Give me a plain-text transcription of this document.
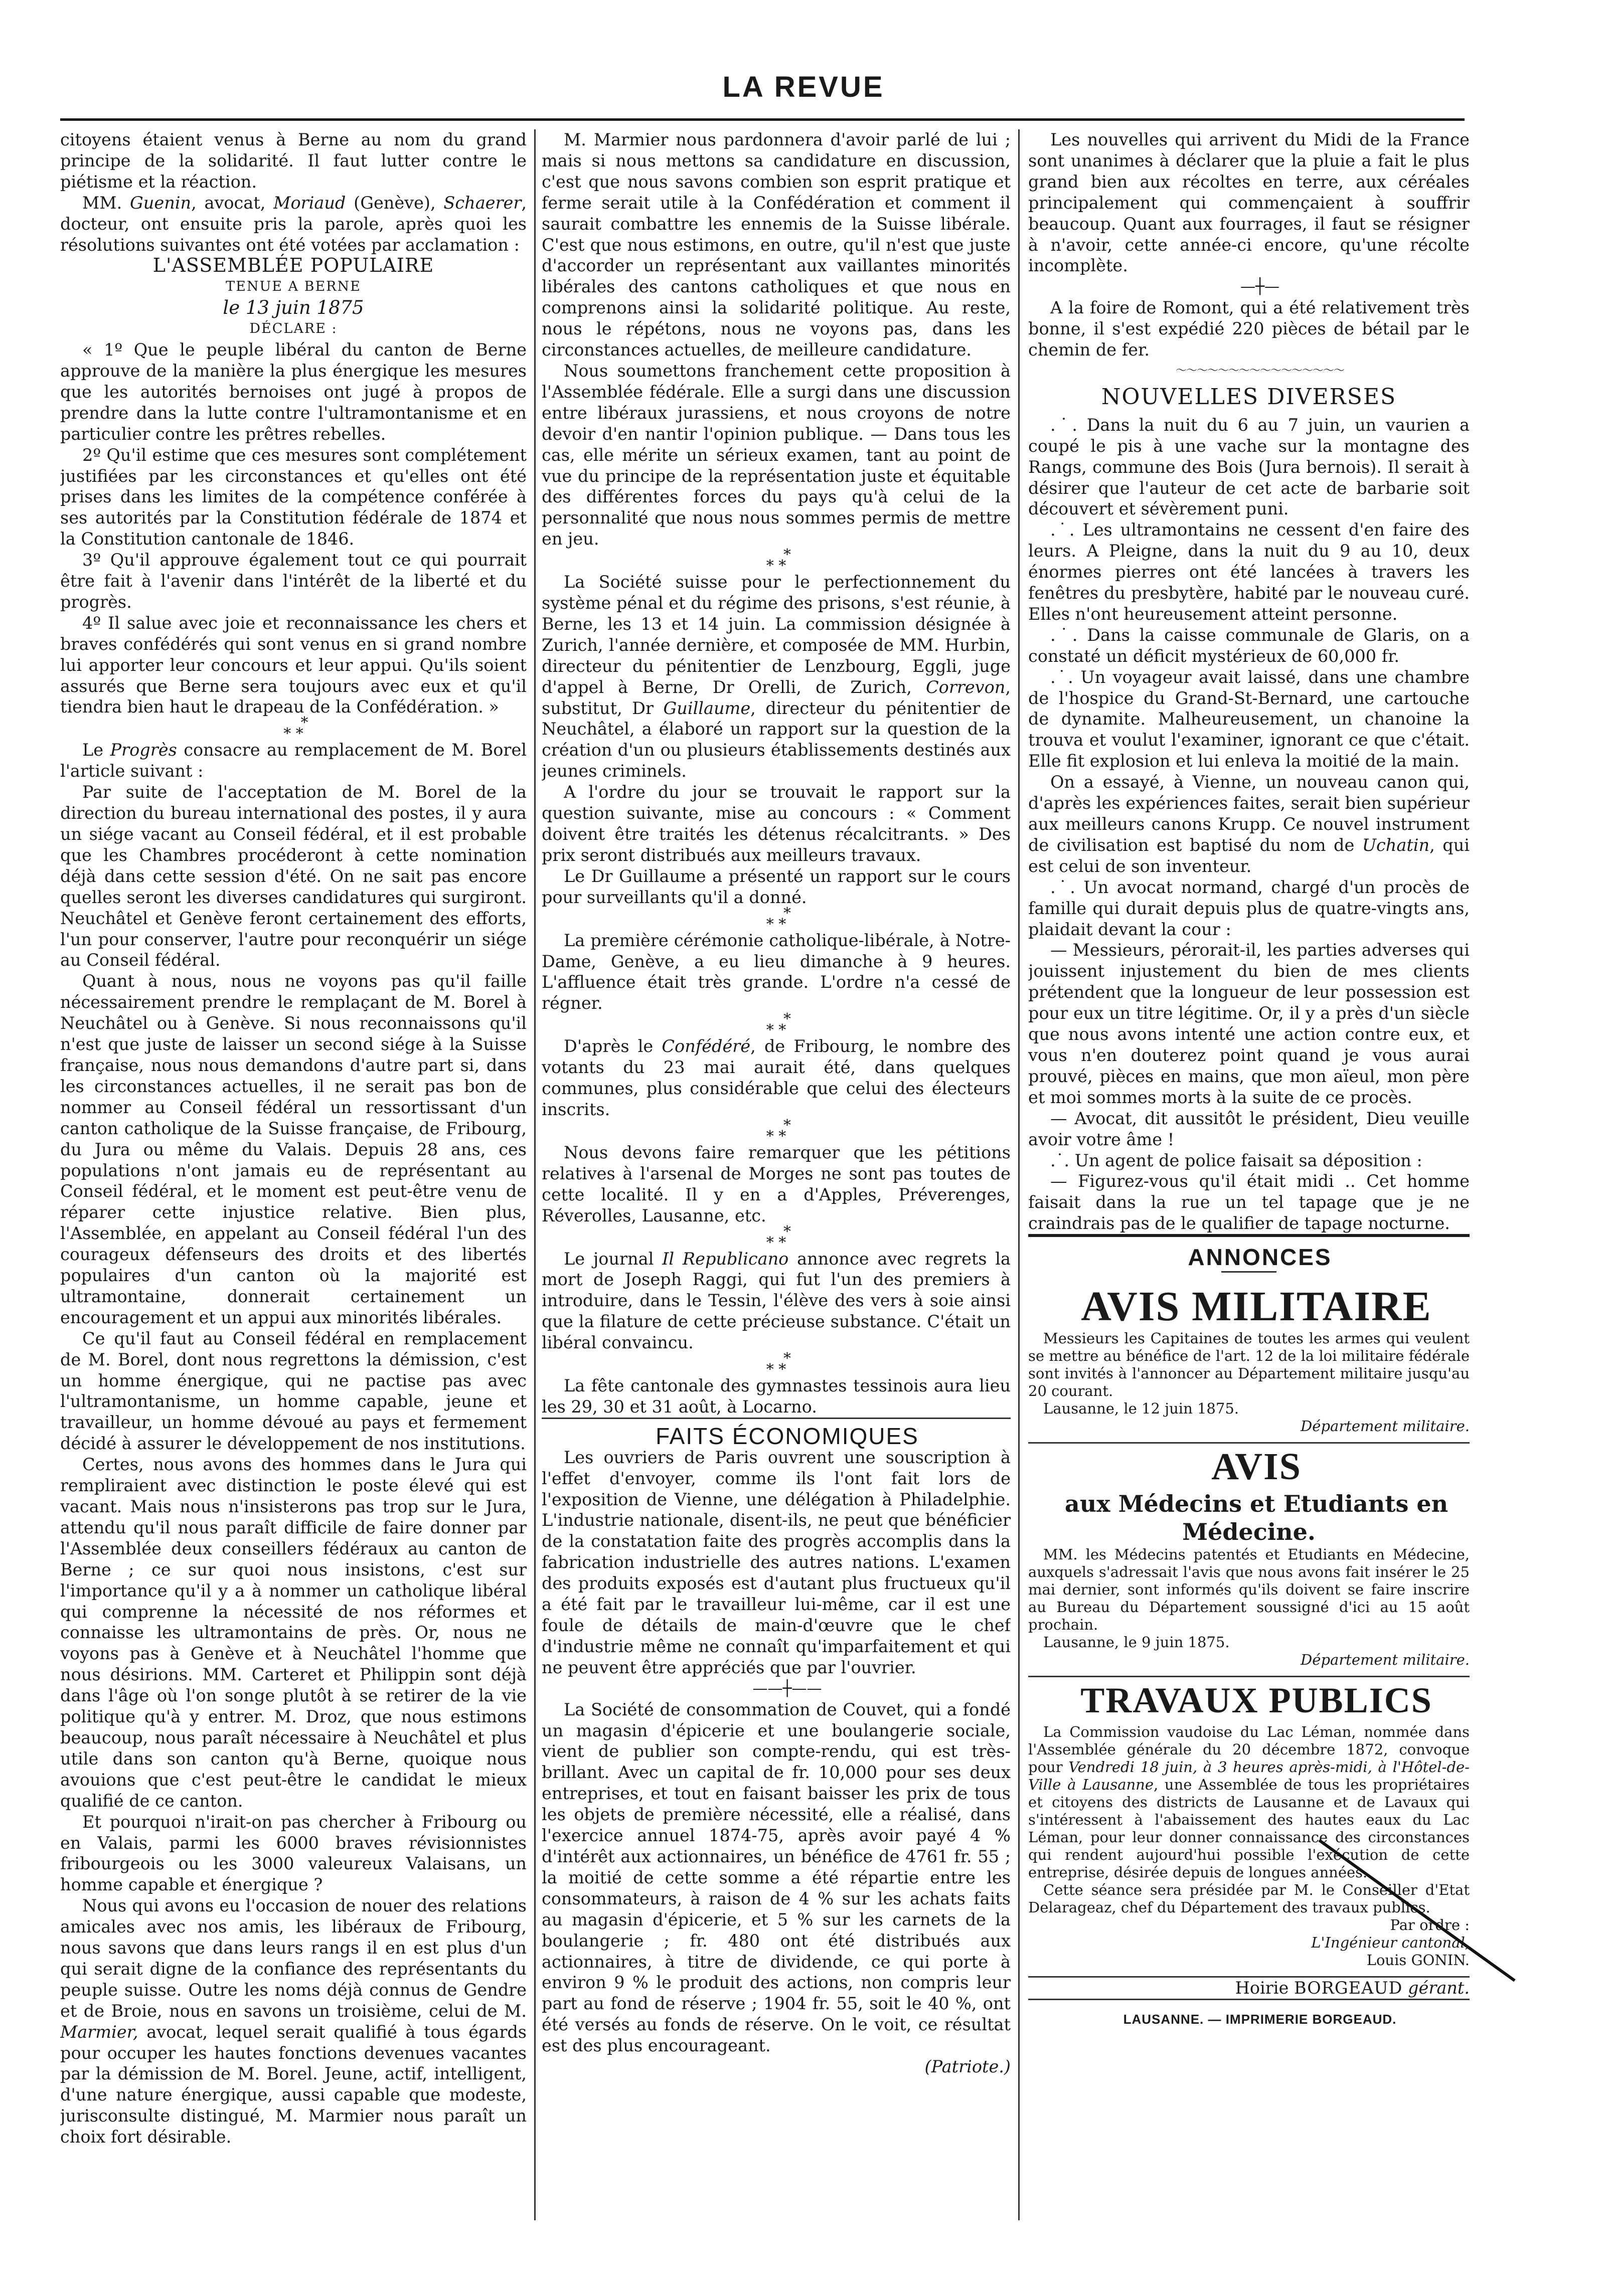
LA REVUE

citoyens étaient venus à Berne au nom du grand principe de la solidarité. Il faut lutter contre le piétisme et la réaction.

MM. Guenin, avocat, Moriaud (Genève), Schaerer, docteur, ont ensuite pris la parole, après quoi les résolutions suivantes ont été votées par acclamation :

L'ASSEMBLÉE POPULAIRE

TENUE A BERNE

le 13 juin 1875

DÉCLARE :

« 1º Que le peuple libéral du canton de Berne approuve de la manière la plus énergique les mesures que les autorités bernoises ont jugé à propos de prendre dans la lutte contre l'ultramontanisme et en particulier contre les prêtres rebelles.

2º Qu'il estime que ces mesures sont complétement justifiées par les circonstances et qu'elles ont été prises dans les limites de la compétence conférée à ses autorités par la Constitution fédérale de 1874 et la Constitution cantonale de 1846.

3º Qu'il approuve également tout ce qui pourrait être fait à l'avenir dans l'intérêt de la liberté et du progrès.

4º Il salue avec joie et reconnaissance les chers et braves confédérés qui sont venus en si grand nombre lui apporter leur concours et leur appui. Qu'ils soient assurés que Berne sera toujours avec eux et qu'il tiendra bien haut le drapeau de la Confédération. »

*
* *

Le Progrès consacre au remplacement de M. Borel l'article suivant :

Par suite de l'acceptation de M. Borel de la direction du bureau international des postes, il y aura un siége vacant au Conseil fédéral, et il est probable que les Chambres procéderont à cette nomination déjà dans cette session d'été. On ne sait pas encore quelles seront les diverses candidatures qui surgiront. Neuchâtel et Genève feront certainement des efforts, l'un pour conserver, l'autre pour reconquérir un siége au Conseil fédéral.

Quant à nous, nous ne voyons pas qu'il faille nécessairement prendre le remplaçant de M. Borel à Neuchâtel ou à Genève. Si nous reconnaissons qu'il n'est que juste de laisser un second siége à la Suisse française, nous nous demandons d'autre part si, dans les circonstances actuelles, il ne serait pas bon de nommer au Conseil fédéral un ressortissant d'un canton catholique de la Suisse française, de Fribourg, du Jura ou même du Valais. Depuis 28 ans, ces populations n'ont jamais eu de représentant au Conseil fédéral, et le moment est peut-être venu de réparer cette injustice relative. Bien plus, l'Assemblée, en appelant au Conseil fédéral l'un des courageux défenseurs des droits et des libertés populaires d'un canton où la majorité est ultramontaine, donnerait certainement un encouragement et un appui aux minorités libérales.

Ce qu'il faut au Conseil fédéral en remplacement de M. Borel, dont nous regrettons la démission, c'est un homme énergique, qui ne pactise pas avec l'ultramontanisme, un homme capable, jeune et travailleur, un homme dévoué au pays et fermement décidé à assurer le développement de nos institutions.

Certes, nous avons des hommes dans le Jura qui rempliraient avec distinction le poste élevé qui est vacant. Mais nous n'insisterons pas trop sur le Jura, attendu qu'il nous paraît difficile de faire donner par l'Assemblée deux conseillers fédéraux au canton de Berne ; ce sur quoi nous insistons, c'est sur l'importance qu'il y a à nommer un catholique libéral qui comprenne la nécessité de nos réformes et connaisse les ultramontains de près. Or, nous ne voyons pas à Genève et à Neuchâtel l'homme que nous désirions. MM. Carteret et Philippin sont déjà dans l'âge où l'on songe plutôt à se retirer de la vie politique qu'à y entrer. M. Droz, que nous estimons beaucoup, nous paraît nécessaire à Neuchâtel et plus utile dans son canton qu'à Berne, quoique nous avouions que c'est peut-être le candidat le mieux qualifié de ce canton.

Et pourquoi n'irait-on pas chercher à Fribourg ou en Valais, parmi les 6000 braves révisionnistes fribourgeois ou les 3000 valeureux Valaisans, un homme capable et énergique ?

Nous qui avons eu l'occasion de nouer des relations amicales avec nos amis, les libéraux de Fribourg, nous savons que dans leurs rangs il en est plus d'un qui serait digne de la confiance des représentants du peuple suisse. Outre les noms déjà connus de Gendre et de Broie, nous en savons un troisième, celui de M. Marmier, avocat, lequel serait qualifié à tous égards pour occuper les hautes fonctions devenues vacantes par la démission de M. Borel. Jeune, actif, intelligent, d'une nature énergique, aussi capable que modeste, jurisconsulte distingué, M. Marmier nous paraît un choix fort désirable.

M. Marmier nous pardonnera d'avoir parlé de lui ; mais si nous mettons sa candidature en discussion, c'est que nous savons combien son esprit pratique et ferme serait utile à la Confédération et comment il saurait combattre les ennemis de la Suisse libérale. C'est que nous estimons, en outre, qu'il n'est que juste d'accorder un représentant aux vaillantes minorités libérales des cantons catholiques et que nous en comprenons ainsi la solidarité politique. Au reste, nous le répétons, nous ne voyons pas, dans les circonstances actuelles, de meilleure candidature.

Nous soumettons franchement cette proposition à l'Assemblée fédérale. Elle a surgi dans une discussion entre libéraux jurassiens, et nous croyons de notre devoir d'en nantir l'opinion publique. — Dans tous les cas, elle mérite un sérieux examen, tant au point de vue du principe de la représentation juste et équitable des différentes forces du pays qu'à celui de la personnalité que nous nous sommes permis de mettre en jeu.

*
* *

La Société suisse pour le perfectionnement du système pénal et du régime des prisons, s'est réunie, à Berne, les 13 et 14 juin. La commission désignée à Zurich, l'année dernière, et composée de MM. Hurbin, directeur du pénitentier de Lenzbourg, Eggli, juge d'appel à Berne, Dr Orelli, de Zurich, Correvon, substitut, Dr Guillaume, directeur du pénitentier de Neuchâtel, a élaboré un rapport sur la question de la création d'un ou plusieurs établissements destinés aux jeunes criminels.

A l'ordre du jour se trouvait le rapport sur la question suivante, mise au concours : « Comment doivent être traités les détenus récalcitrants. » Des prix seront distribués aux meilleurs travaux.

Le Dr Guillaume a présenté un rapport sur le cours pour surveillants qu'il a donné.

*
* *

La première cérémonie catholique-libérale, à Notre-Dame, Genève, a eu lieu dimanche à 9 heures. L'affluence était très grande. L'ordre n'a cessé de régner.

*
* *

D'après le Confédéré, de Fribourg, le nombre des votants du 23 mai aurait été, dans quelques communes, plus considérable que celui des électeurs inscrits.

*
* *

Nous devons faire remarquer que les pétitions relatives à l'arsenal de Morges ne sont pas toutes de cette localité. Il y en a d'Apples, Préverenges, Réverolles, Lausanne, etc.

*
* *

Le journal Il Republicano annonce avec regrets la mort de Joseph Raggi, qui fut l'un des premiers à introduire, dans le Tessin, l'élève des vers à soie ainsi que la filature de cette précieuse substance. C'était un libéral convaincu.

*
* *

La fête cantonale des gymnastes tessinois aura lieu les 29, 30 et 31 août, à Locarno.

FAITS ÉCONOMIQUES

Les ouvriers de Paris ouvrent une souscription à l'effet d'envoyer, comme ils l'ont fait lors de l'exposition de Vienne, une délégation à Philadelphie. L'industrie nationale, disent-ils, ne peut que bénéficier de la constatation faite des progrès accomplis dans la fabrication industrielle des autres nations. L'examen des produits exposés est d'autant plus fructueux qu'il a été fait par le travailleur lui-même, car il est une foule de détails de main-d'œuvre que le chef d'industrie même ne connaît qu'imparfaitement et qui ne peuvent être appréciés que par l'ouvrier.

——┼——

La Société de consommation de Couvet, qui a fondé un magasin d'épicerie et une boulangerie sociale, vient de publier son compte-rendu, qui est très-brillant. Avec un capital de fr. 10,000 pour ses deux entreprises, et tout en faisant baisser les prix de tous les objets de première nécessité, elle a réalisé, dans l'exercice annuel 1874-75, après avoir payé 4 % d'intérêt aux actionnaires, un bénéfice de 4761 fr. 55 ; la moitié de cette somme a été répartie entre les consommateurs, à raison de 4 % sur les achats faits au magasin d'épicerie, et 5 % sur les carnets de la boulangerie ; fr. 480 ont été distribués aux actionnaires, à titre de dividende, ce qui porte à environ 9 % le produit des actions, non compris leur part au fond de réserve ; 1904 fr. 55, soit le 40 %, ont été versés au fonds de réserve. On le voit, ce résultat est des plus encourageant.

(Patriote.)

Les nouvelles qui arrivent du Midi de la France sont unanimes à déclarer que la pluie a fait le plus grand bien aux récoltes en terre, aux céréales principalement qui commençaient à souffrir beaucoup. Quant aux fourrages, il faut se résigner à n'avoir, cette année-ci encore, qu'une récolte incomplète.

—┼—

A la foire de Romont, qui a été relativement très bonne, il s'est expédié 220 pièces de bétail par le chemin de fer.

～～～～～～～～～～～～～～～～

NOUVELLES DIVERSES

.˙. Dans la nuit du 6 au 7 juin, un vaurien a coupé le pis à une vache sur la montagne des Rangs, commune des Bois (Jura bernois). Il serait à désirer que l'auteur de cet acte de barbarie soit découvert et sévèrement puni.

.˙. Les ultramontains ne cessent d'en faire des leurs. A Pleigne, dans la nuit du 9 au 10, deux énormes pierres ont été lancées à travers les fenêtres du presbytère, habité par le nouveau curé. Elles n'ont heureusement atteint personne.

.˙. Dans la caisse communale de Glaris, on a constaté un déficit mystérieux de 60,000 fr.

.˙. Un voyageur avait laissé, dans une chambre de l'hospice du Grand-St-Bernard, une cartouche de dynamite. Malheureusement, un chanoine la trouva et voulut l'examiner, ignorant ce que c'était. Elle fit explosion et lui enleva la moitié de la main.

On a essayé, à Vienne, un nouveau canon qui, d'après les expériences faites, serait bien supérieur aux meilleurs canons Krupp. Ce nouvel instrument de civilisation est baptisé du nom de Uchatin, qui est celui de son inventeur.

.˙. Un avocat normand, chargé d'un procès de famille qui durait depuis plus de quatre-vingts ans, plaidait devant la cour :

— Messieurs, pérorait-il, les parties adverses qui jouissent injustement du bien de mes clients prétendent que la longueur de leur possession est pour eux un titre légitime. Or, il y a près d'un siècle que nous avons intenté une action contre eux, et vous n'en douterez point quand je vous aurai prouvé, pièces en mains, que mon aïeul, mon père et moi sommes morts à la suite de ce procès.

— Avocat, dit aussitôt le président, Dieu veuille avoir votre âme !

.˙. Un agent de police faisait sa déposition :

— Figurez-vous qu'il était midi .. Cet homme faisait dans la rue un tel tapage que je ne craindrais pas de le qualifier de tapage nocturne.

ANNONCES

AVIS MILITAIRE

Messieurs les Capitaines de toutes les armes qui veulent se mettre au bénéfice de l'art. 12 de la loi militaire fédérale sont invités à l'annoncer au Département militaire jusqu'au 20 courant.

Lausanne, le 12 juin 1875.

Département militaire.

AVIS

aux Médecins et Etudiants en Médecine.

MM. les Médecins patentés et Etudiants en Médecine, auxquels s'adressait l'avis que nous avons fait insérer le 25 mai dernier, sont informés qu'ils doivent se faire inscrire au Bureau du Département soussigné d'ici au 15 août prochain.

Lausanne, le 9 juin 1875.

Département militaire.

TRAVAUX PUBLICS

La Commission vaudoise du Lac Léman, nommée dans l'Assemblée générale du 20 décembre 1872, convoque pour Vendredi 18 juin, à 3 heures après-midi, à l'Hôtel-de-Ville à Lausanne, une Assemblée de tous les propriétaires et citoyens des districts de Lausanne et de Lavaux qui s'intéressent à l'abaissement des hautes eaux du Lac Léman, pour leur donner connaissance des circonstances qui rendent aujourd'hui possible l'exécution de cette entreprise, désirée depuis de longues années.

Cette séance sera présidée par M. le Conseiller d'Etat Delarageaz, chef du Département des travaux publics.

Par ordre :

L'Ingénieur cantonal,

Louis GONIN.

Hoirie BORGEAUD gérant.

LAUSANNE. — IMPRIMERIE BORGEAUD.
